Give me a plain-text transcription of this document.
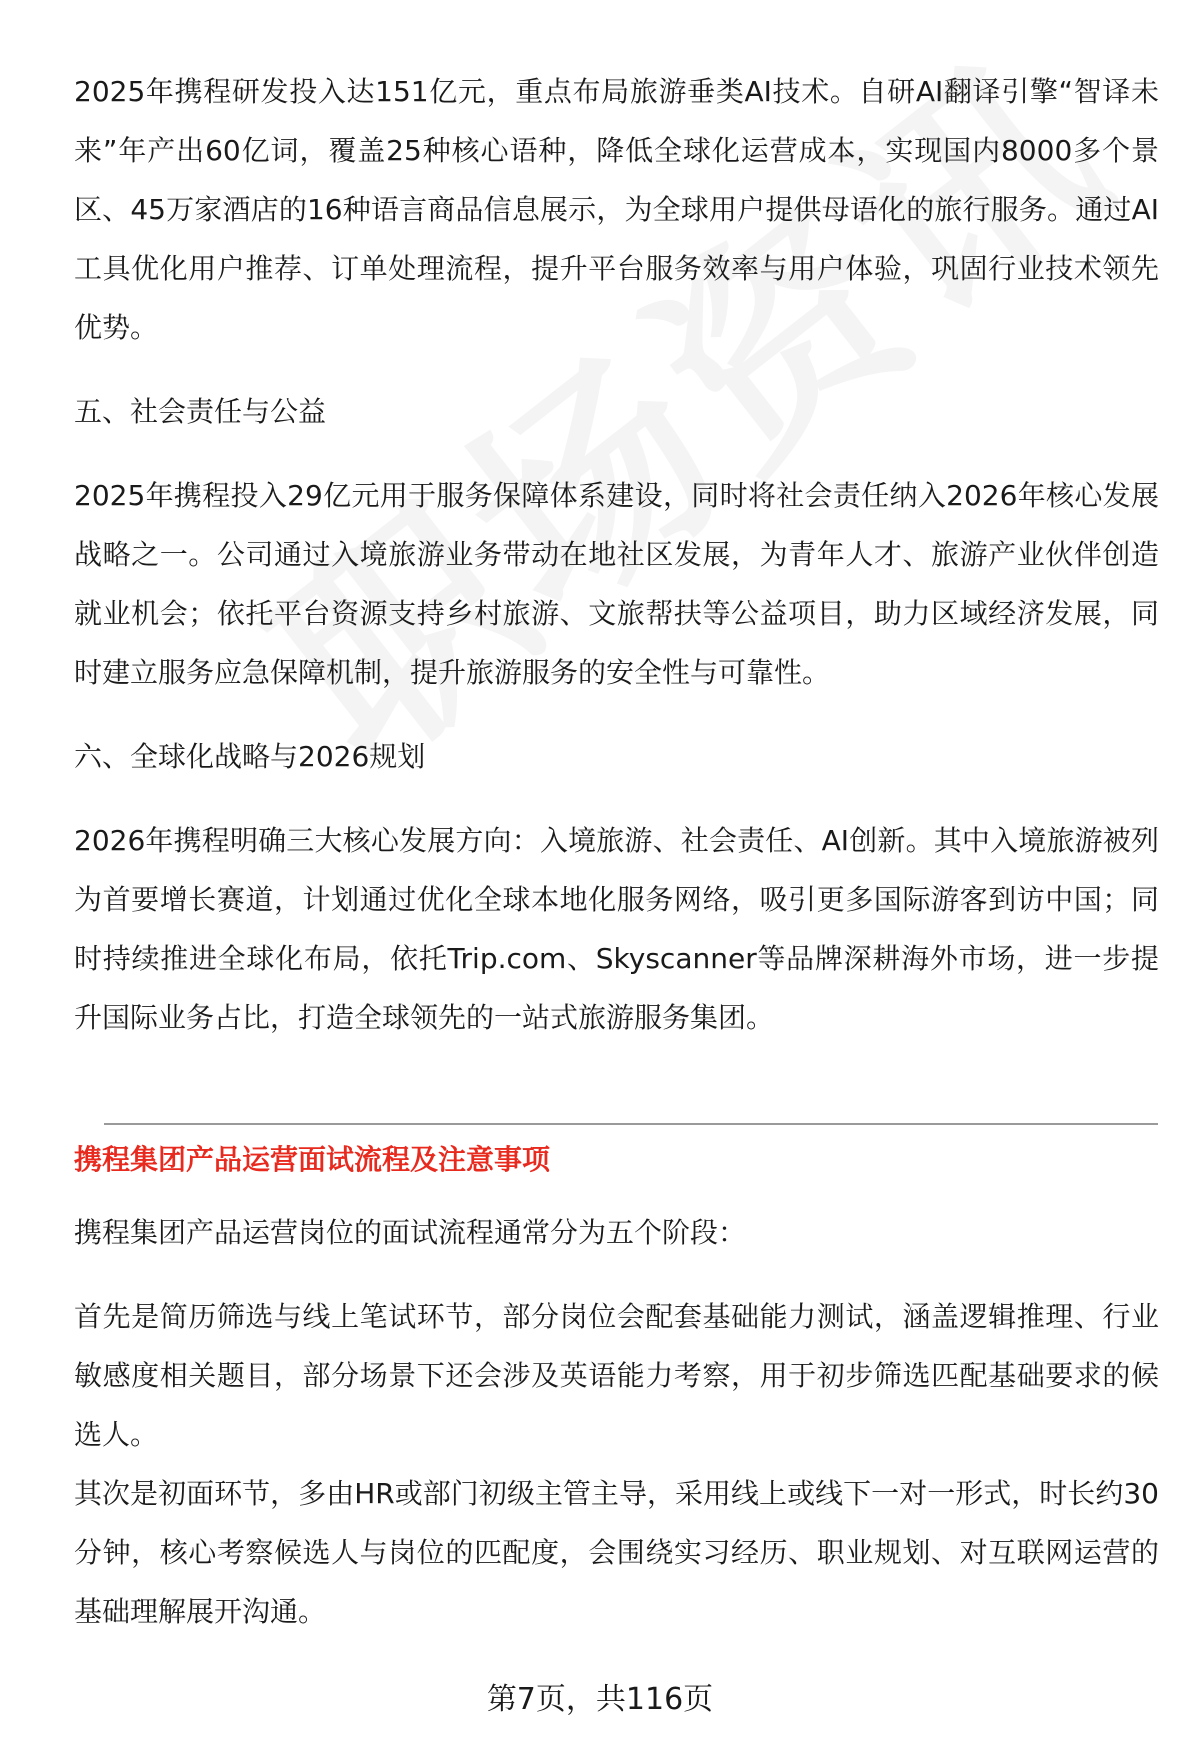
2025年携程研发投入达151亿元，重点布局旅游垂类AI技术。自研AI翻译引擎“智译未来”年产出60亿词，覆盖25种核心语种，降低全球化运营成本，实现国内8000多个景区、45万家酒店的16种语言商品信息展示，为全球用户提供母语化的旅行服务。通过AI工具优化用户推荐、订单处理流程，提升平台服务效率与用户体验，巩固行业技术领先优势。

五、社会责任与公益

2025年携程投入29亿元用于服务保障体系建设，同时将社会责任纳入2026年核心发展战略之一。公司通过入境旅游业务带动在地社区发展，为青年人才、旅游产业伙伴创造就业机会；依托平台资源支持乡村旅游、文旅帮扶等公益项目，助力区域经济发展，同时建立服务应急保障机制，提升旅游服务的安全性与可靠性。

六、全球化战略与2026规划

2026年携程明确三大核心发展方向：入境旅游、社会责任、AI创新。其中入境旅游被列为首要增长赛道，计划通过优化全球本地化服务网络，吸引更多国际游客到访中国；同时持续推进全球化布局，依托Trip.com、Skyscanner等品牌深耕海外市场，进一步提升国际业务占比，打造全球领先的一站式旅游服务集团。

携程集团产品运营面试流程及注意事项

携程集团产品运营岗位的面试流程通常分为五个阶段：

首先是简历筛选与线上笔试环节，部分岗位会配套基础能力测试，涵盖逻辑推理、行业敏感度相关题目，部分场景下还会涉及英语能力考察，用于初步筛选匹配基础要求的候选人。

其次是初面环节，多由HR或部门初级主管主导，采用线上或线下一对一形式，时长约30分钟，核心考察候选人与岗位的匹配度，会围绕实习经历、职业规划、对互联网运营的基础理解展开沟通。

第7页，共116页
